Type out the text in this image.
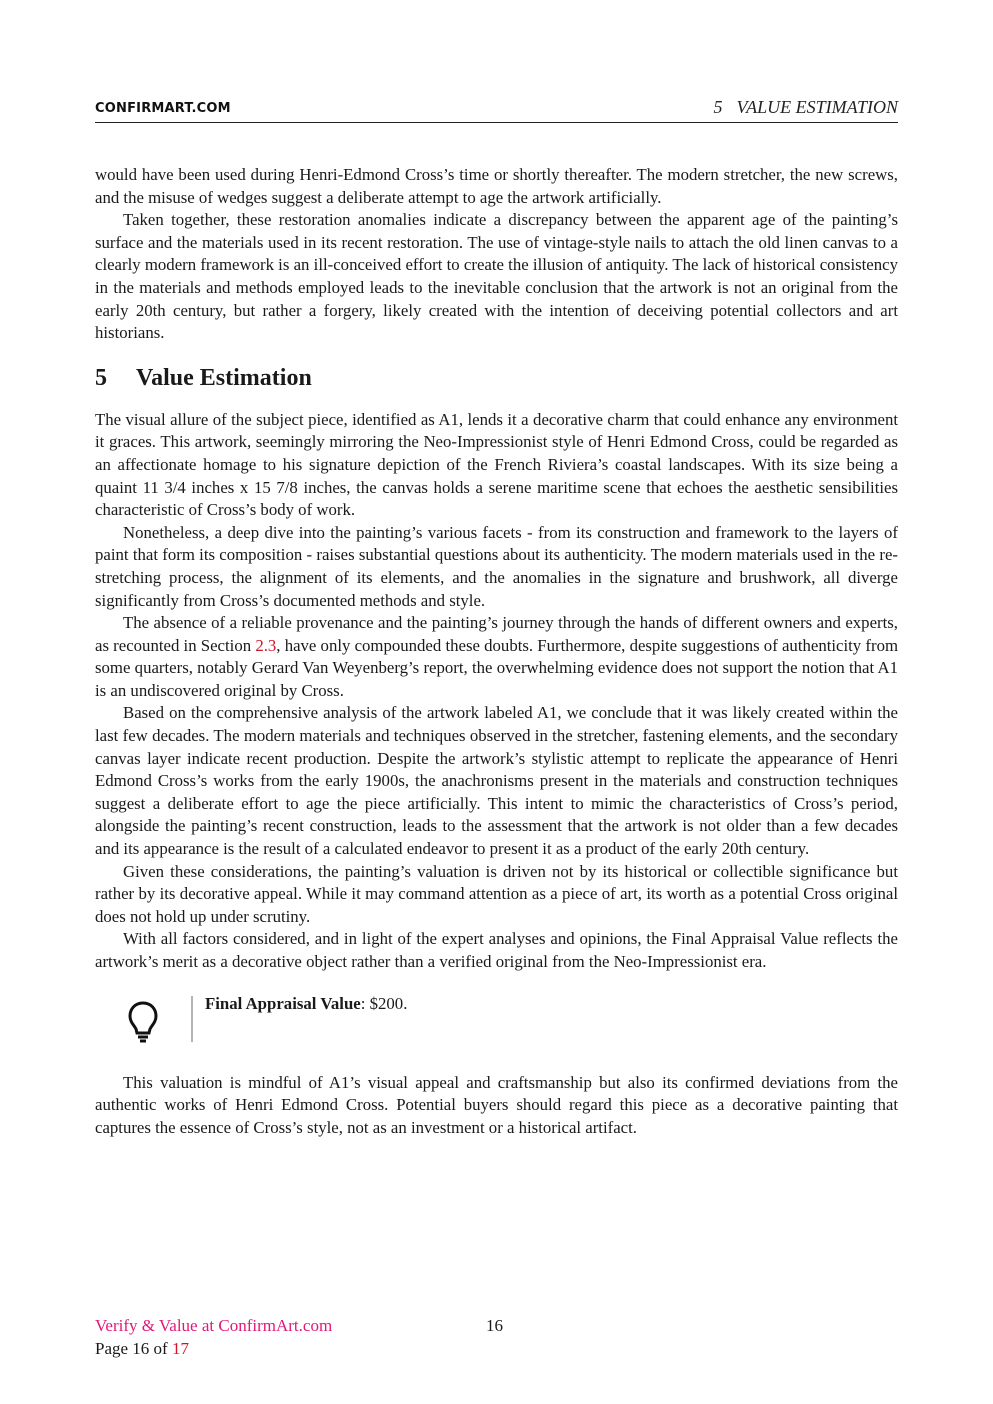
CONFIRMART.COM	5 VALUE ESTIMATION

would have been used during Henri-Edmond Cross’s time or shortly thereafter. The modern stretcher, the new screws, and the misuse of wedges suggest a deliberate attempt to age the artwork artificially.

Taken together, these restoration anomalies indicate a discrepancy between the apparent age of the painting’s surface and the materials used in its recent restoration. The use of vintage-style nails to attach the old linen canvas to a clearly modern framework is an ill-conceived effort to create the illusion of antiquity. The lack of historical consistency in the materials and methods employed leads to the inevitable conclusion that the artwork is not an original from the early 20th century, but rather a forgery, likely created with the intention of deceiving potential collectors and art historians.

5 Value Estimation

The visual allure of the subject piece, identified as A1, lends it a decorative charm that could enhance any environment it graces. This artwork, seemingly mirroring the Neo-Impressionist style of Henri Edmond Cross, could be regarded as an affectionate homage to his signature depiction of the French Riviera’s coastal landscapes. With its size being a quaint 11 3/4 inches x 15 7/8 inches, the canvas holds a serene maritime scene that echoes the aesthetic sensibilities characteristic of Cross’s body of work.

Nonetheless, a deep dive into the painting’s various facets - from its construction and framework to the layers of paint that form its composition - raises substantial questions about its authenticity. The modern materials used in the re-stretching process, the alignment of its elements, and the anomalies in the signature and brushwork, all diverge significantly from Cross’s documented methods and style.

The absence of a reliable provenance and the painting’s journey through the hands of different owners and experts, as recounted in Section 2.3, have only compounded these doubts. Furthermore, despite suggestions of authenticity from some quarters, notably Gerard Van Weyenberg’s report, the overwhelming evidence does not support the notion that A1 is an undiscovered original by Cross.

Based on the comprehensive analysis of the artwork labeled A1, we conclude that it was likely created within the last few decades. The modern materials and techniques observed in the stretcher, fastening elements, and the secondary canvas layer indicate recent production. Despite the artwork’s stylistic attempt to replicate the appearance of Henri Edmond Cross’s works from the early 1900s, the anachronisms present in the materials and construction techniques suggest a deliberate effort to age the piece artificially. This intent to mimic the characteristics of Cross’s period, alongside the painting’s recent construction, leads to the assessment that the artwork is not older than a few decades and its appearance is the result of a calculated endeavor to present it as a product of the early 20th century.

Given these considerations, the painting’s valuation is driven not by its historical or collectible significance but rather by its decorative appeal. While it may command attention as a piece of art, its worth as a potential Cross original does not hold up under scrutiny.

With all factors considered, and in light of the expert analyses and opinions, the Final Appraisal Value reflects the artwork’s merit as a decorative object rather than a verified original from the Neo-Impressionist era.

Final Appraisal Value: $200.

This valuation is mindful of A1’s visual appeal and craftsmanship but also its confirmed deviations from the authentic works of Henri Edmond Cross. Potential buyers should regard this piece as a decorative painting that captures the essence of Cross’s style, not as an investment or a historical artifact.

Verify & Value at ConfirmArt.com	16
Page 16 of 17
